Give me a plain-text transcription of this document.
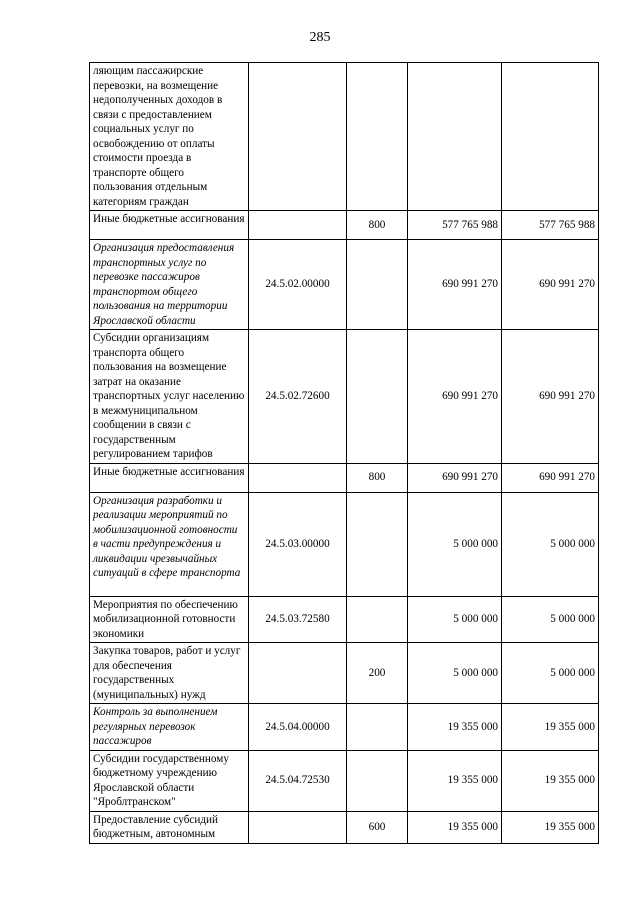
285
ляющим пассажирские перевозки, на возмещение недополученных доходов в связи с предоставлением социальных услуг по освобождению от оплаты стоимости проезда в транспорте общего пользования отдельным категориям граждан				
Иные бюджетные ассигнования		800	577 765 988	577 765 988
Организация предоставления транспортных услуг по перевозке пассажиров транспортом общего пользования на территории Ярославской области	24.5.02.00000		690 991 270	690 991 270
Субсидии организациям транспорта общего пользования на возмещение затрат на оказание транспортных услуг населению в межмуниципальном сообщении в связи с государственным регулированием тарифов	24.5.02.72600		690 991 270	690 991 270
Иные бюджетные ассигнования		800	690 991 270	690 991 270
Организация разработки и реализации мероприятий по мобилизационной готовности в части предупреждения и ликвидации чрезвычайных ситуаций в сфере транспорта	24.5.03.00000		5 000 000	5 000 000
Мероприятия по обеспечению мобилизационной готовности экономики	24.5.03.72580		5 000 000	5 000 000
Закупка товаров, работ и услуг для обеспечения государственных (муниципальных) нужд		200	5 000 000	5 000 000
Контроль за выполнением регулярных перевозок пассажиров	24.5.04.00000		19 355 000	19 355 000
Субсидии государственному бюджетному учреждению Ярославской области "Яроблтранском"	24.5.04.72530		19 355 000	19 355 000
Предоставление субсидий бюджетным, автономным		600	19 355 000	19 355 000
